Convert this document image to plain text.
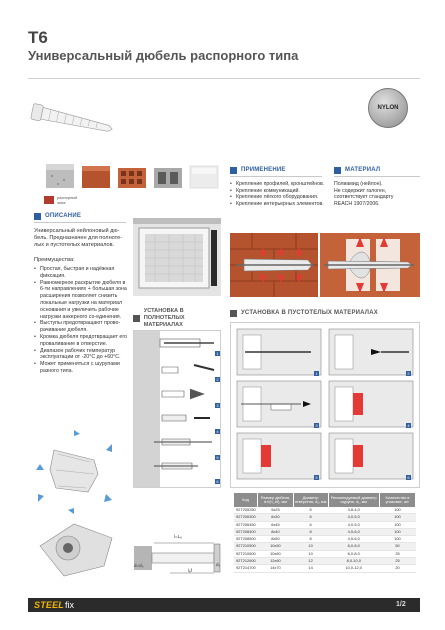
T6
Универсальный дюбель распорного типа
NYLON
распорный зона
ПРИМЕНЕНИЕ
• Крепление профилей, кронштейнов.
• Крепление коммуникаций.
• Крепление лёгкого оборудования.
• Крепление интерьерных элементов.
МАТЕРИАЛ
Полиамид (нейлон).
Не содержит галоген,
соответствует стандарту
REACH 1907/2006.
ОПИСАНИЕ
Универсальный нейлоновый дю-
бель. Предназначен для полноте-
лых и пустотелых материалов.
Преимущества:
• Простая, быстрая и надёжная фиксация.
• Равномерное раскрытие дюбеля в 6-ти направлениях + большая зона расширения позволяет снизить локальные нагрузки на материал основания и увеличить рабочие нагрузки анкерного со-единения.
• Выступы предотвращают прово-рачивание дюбеля.
• Кромка дюбеля предотвращает его проваливание в отверстие.
• Диапазон рабочих температур эксплуатации от -20°С до +60°С.
• Может применяться с шурупами разного типа.
УСТАНОВКА В ПОЛНОТЕЛЫХ
МАТЕРИАЛАХ
УСТАНОВКА В ПУСТОТЕЛЫХ МАТЕРИАЛАХ
1
2
3
4
5
6
1	2
3	4
5	6
d=d₀
l=Lᵤ
lₑf
d₁
Код	Размер дюбеля, d×l(h_ef), мм	Диаметр отверстия, d₀, мм	Рекомендуемый диаметр шурупа, d₁, мм	Количество в упаковке, шт.
92T205250	5x25	5	3,8-4,0	100
92T206300	6x30	6	4,0-5,0	100
92T206450	6x45	6	4,0-5,0	100
92T208400	8x40	8	4,5-6,0	100
92T208500	8x50	8	4,5-6,0	100
92T210500	10x50	10	6,0-8,0	50
92T210600	10x60	10	6,0-8,0	25
92T212600	12x60	12	8,0-10,0	25
92T214700	14x70	14	10,0-12,0	20
STEEL fix	1/2
